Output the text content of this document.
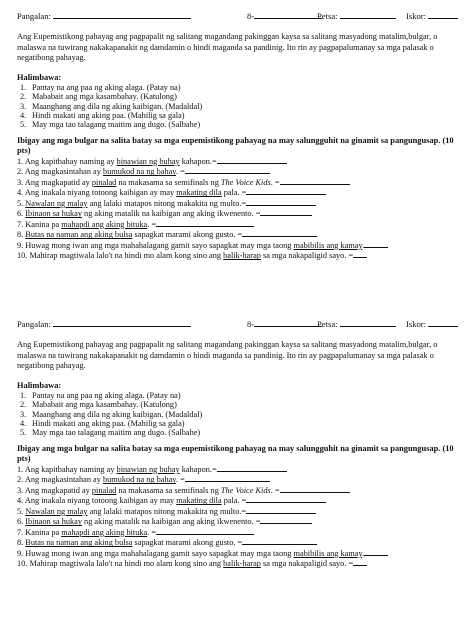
Pangalan:	8-	Petsa:	Iskor:
Ang Eupemistikong pahayag ang pagpapalit ng salitang magandang pakinggan kaysa sa salitang masyadong matalim,bulgar, o malaswa na tuwirang nakakapanakit ng damdamin o hindi maganda sa pandinig. Ito rin ay pagpapalumanay sa mga palasak o negatibong pahayag.
Halimbawa:
1. Pantay na ang paa ng aking alaga. (Patay na)
2. Mababait ang mga kasambahay. (Katulong)
3. Maanghang ang dila ng aking kaibigan. (Madaldal)
4. Hindi makati ang aking paa. (Mahilig sa gala)
5. May mga tao talagang maitim ang dugo. (Salbahe)
Ibigay ang mga bulgar na salita batay sa mga eupemistikong pahayag na may salungguhit na ginamit sa pangungusap. (10 pts)
1. Ang kapitbahay naming ay binawian ng buhay kahapon.=
2. Ang magkasintahan ay bumukod na ng bahay. =
3. Ang magkapatid ay pinalad na makasama sa semifinals ng The Voice Kids. =
4. Ang inakala niyang totoong kaibigan ay may makating dila pala. =
5. Nawalan ng malay ang lalaki matapos nitong makakita ng multo.=
6. Ibinaon sa hukay ng aking matalik na kaibigan ang aking ikwenento. =
7. Kanina pa mahapdi ang aking bituka. =
8. Butas na naman ang aking bulsa sapagkat marami akong gusto. =
9. Huwag mong iwan ang mga mahahalagang gamit sayo sapagkat may mga taong mabibilis ang kamay.
10. Mahirap magtiwala lalo't na hindi mo alam kong sino ang balik-harap sa mga nakapaligid sayo. =
Pangalan:	8-	Petsa:	Iskor:
Ang Eupemistikong pahayag ang pagpapalit ng salitang magandang pakinggan kaysa sa salitang masyadong matalim,bulgar, o malaswa na tuwirang nakakapanakit ng damdamin o hindi maganda sa pandinig. Ito rin ay pagpapalumanay sa mga palasak o negatibong pahayag.
Halimbawa:
1. Pantay na ang paa ng aking alaga. (Patay na)
2. Mababait ang mga kasambahay. (Katulong)
3. Maanghang ang dila ng aking kaibigan. (Madaldal)
4. Hindi makati ang aking paa. (Mahilig sa gala)
5. May mga tao talagang maitim ang dugo. (Salbahe)
Ibigay ang mga bulgar na salita batay sa mga eupemistikong pahayag na may salungguhit na ginamit sa pangungusap. (10 pts)
1. Ang kapitbahay naming ay binawian ng buhay kahapon.=
2. Ang magkasintahan ay bumukod na ng bahay. =
3. Ang magkapatid ay pinalad na makasama sa semifinals ng The Voice Kids. =
4. Ang inakala niyang totoong kaibigan ay may makating dila pala. =
5. Nawalan ng malay ang lalaki matapos nitong makakita ng multo.=
6. Ibinaon sa hukay ng aking matalik na kaibigan ang aking ikwenento. =
7. Kanina pa mahapdi ang aking bituka. =
8. Butas na naman ang aking bulsa sapagkat marami akong gusto. =
9. Huwag mong iwan ang mga mahahalagang gamit sayo sapagkat may mga taong mabibilis ang kamay.
10. Mahirap magtiwala lalo't na hindi mo alam kong sino ang balik-harap sa mga nakapaligid sayo. =
